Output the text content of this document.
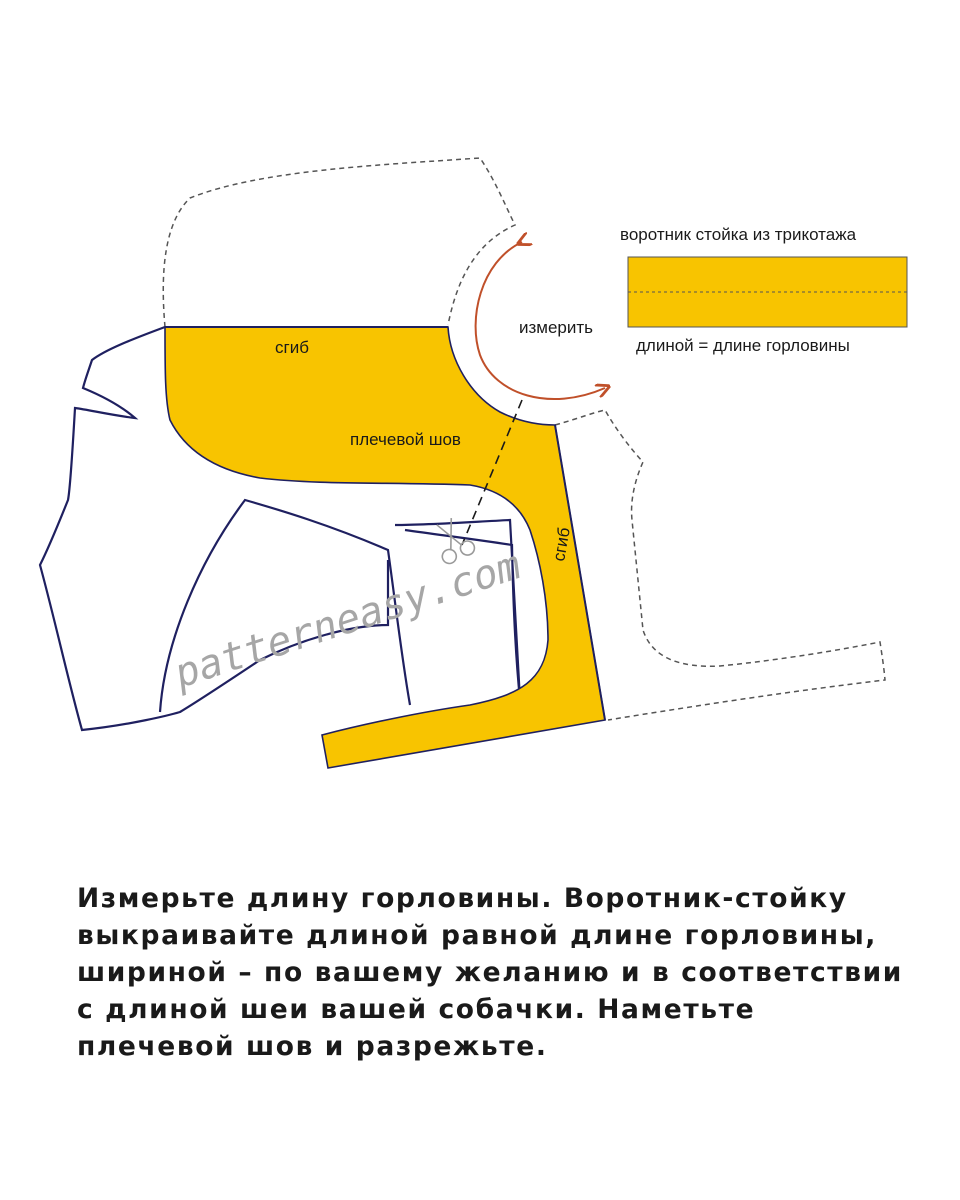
воротник стойка из трикотажа
длиной = длине горловины
измерить
сгиб
плечевой шов
сгиб
patterneasy.com

Измерьте длину горловины. Воротник-стойку выкраивайте длиной равной длине горловины, шириной – по вашему желанию и в соответствии с длиной шеи вашей собачки. Наметьте плечевой шов и разрежьте.
